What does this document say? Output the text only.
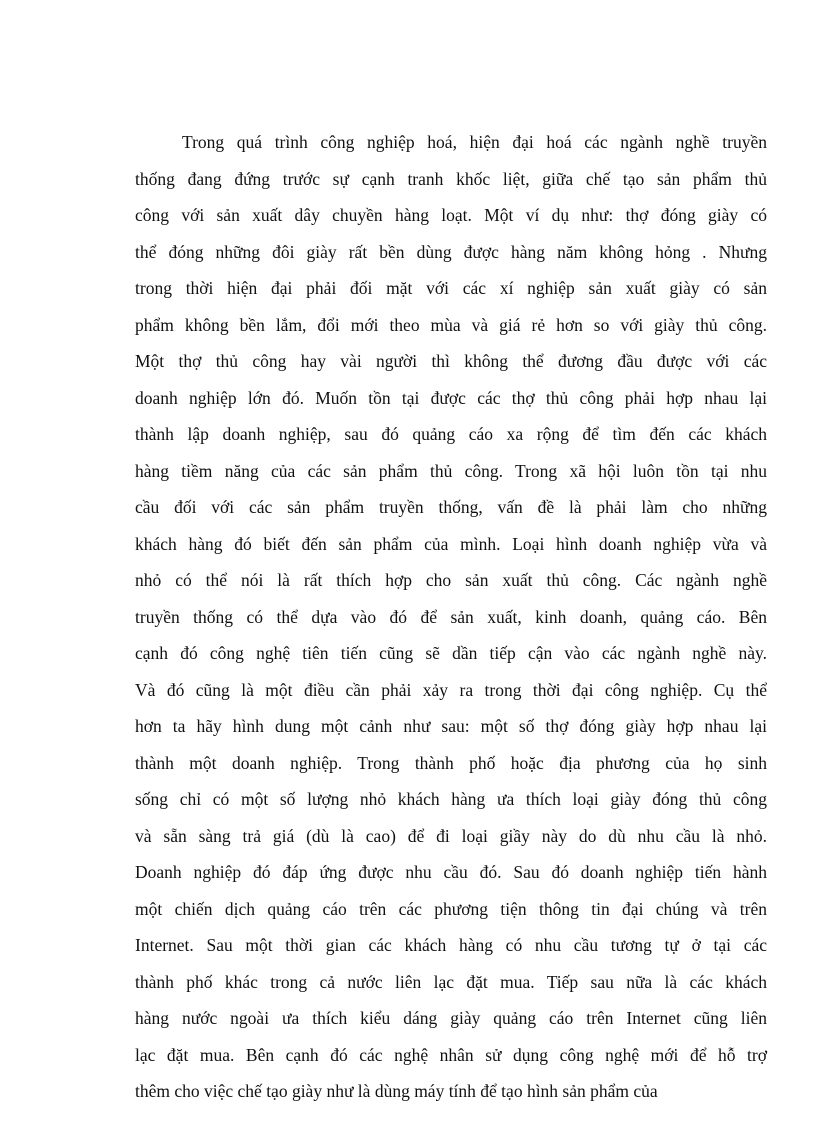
Trong quá trình công nghiệp hoá, hiện đại hoá các ngành nghề truyền
thống đang đứng trước sự cạnh tranh khốc liệt, giữa chế tạo sản phẩm thủ
công với sản xuất dây chuyền hàng loạt. Một ví dụ như: thợ đóng giày có
thể đóng những đôi giày rất bền dùng được hàng năm không hỏng . Nhưng
trong thời hiện đại phải đối mặt với các xí nghiệp sản xuất giày có sản
phẩm không bền lắm, đổi mới theo mùa và giá rẻ hơn so với giày thủ công.
Một thợ thủ công hay vài người thì không thể đương đầu được với các
doanh nghiệp lớn đó. Muốn tồn tại được các thợ thủ công phải hợp nhau lại
thành lập doanh nghiệp, sau đó quảng cáo xa rộng để tìm đến các khách
hàng tiềm năng của các sản phẩm thủ công. Trong xã hội luôn tồn tại nhu
cầu đối với các sản phẩm truyền thống, vấn đề là phải làm cho những
khách hàng đó biết đến sản phẩm của mình. Loại hình doanh nghiệp vừa và
nhỏ có thể nói là rất thích hợp cho sản xuất thủ công. Các ngành nghề
truyền thống có thể dựa vào đó để sản xuất, kinh doanh, quảng cáo. Bên
cạnh đó công nghệ tiên tiến cũng sẽ dần tiếp cận vào các ngành nghề này.
Và đó cũng là một điều cần phải xảy ra trong thời đại công nghiệp. Cụ thể
hơn ta hãy hình dung một cảnh như sau: một số thợ đóng giày hợp nhau lại
thành một doanh nghiệp. Trong thành phố hoặc địa phương của họ sinh
sống chỉ có một số lượng nhỏ khách hàng ưa thích loại giày đóng thủ công
và sẵn sàng trả giá (dù là cao) để đi loại giầy này do dù nhu cầu là nhỏ.
Doanh nghiệp đó đáp ứng được nhu cầu đó. Sau đó doanh nghiệp tiến hành
một chiến dịch quảng cáo trên các phương tiện thông tin đại chúng và trên
Internet. Sau một thời gian các khách hàng có nhu cầu tương tự ở tại các
thành phố khác trong cả nước liên lạc đặt mua. Tiếp sau nữa là các khách
hàng nước ngoài ưa thích kiểu dáng giày quảng cáo trên Internet cũng liên
lạc đặt mua. Bên cạnh đó các nghệ nhân sử dụng công nghệ mới để hỗ trợ
thêm cho việc chế tạo giày như là dùng máy tính để tạo hình sản phẩm của
